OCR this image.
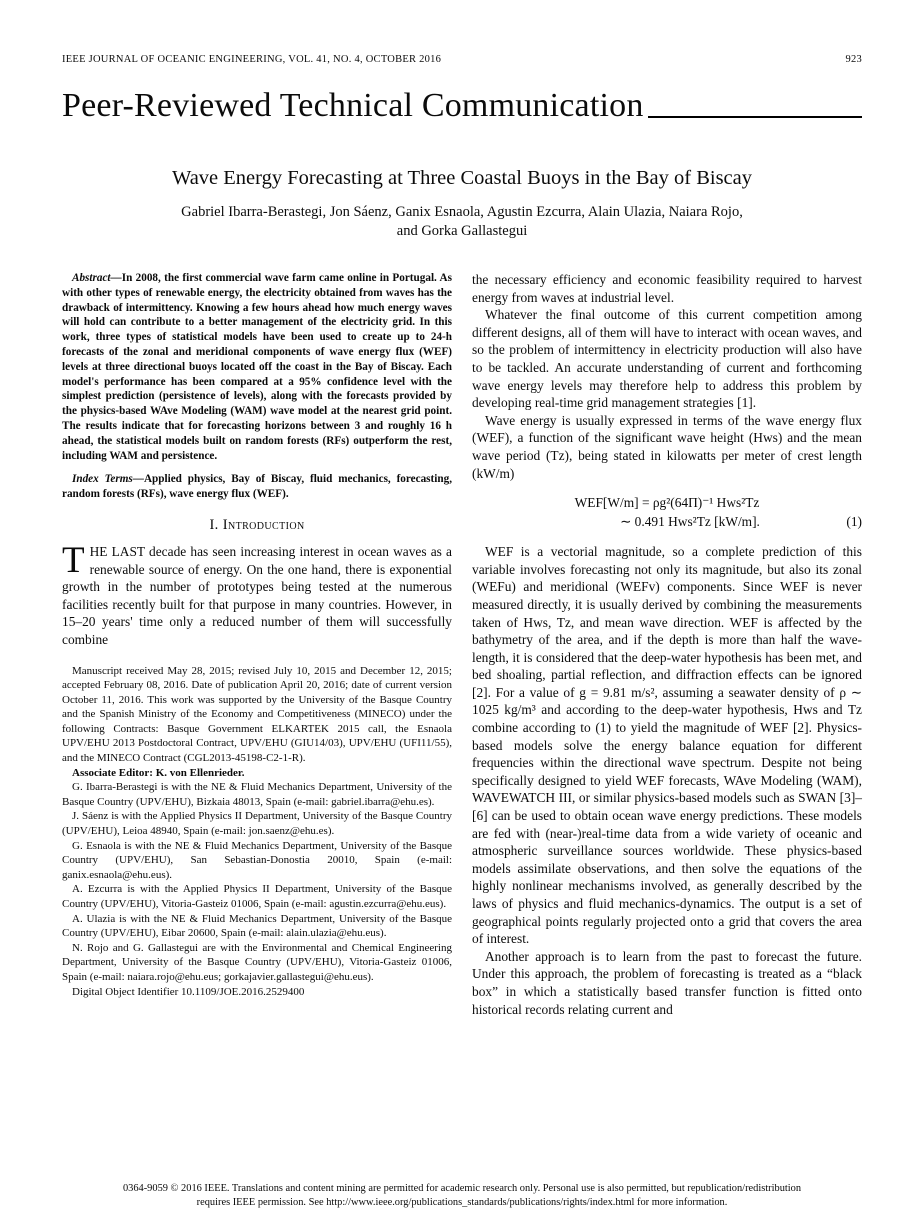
IEEE JOURNAL OF OCEANIC ENGINEERING, VOL. 41, NO. 4, OCTOBER 2016	923
Peer-Reviewed Technical Communication
Wave Energy Forecasting at Three Coastal Buoys in the Bay of Biscay
Gabriel Ibarra-Berastegi, Jon Sáenz, Ganix Esnaola, Agustin Ezcurra, Alain Ulazia, Naiara Rojo,
and Gorka Gallastegui

Abstract—In 2008, the first commercial wave farm came online in Portugal. As with other types of renewable energy, the electricity obtained from waves has the drawback of intermittency. Knowing a few hours ahead how much energy waves will hold can contribute to a better management of the electricity grid. In this work, three types of statistical models have been used to create up to 24-h forecasts of the zonal and meridional components of wave energy flux (WEF) levels at three directional buoys located off the coast in the Bay of Biscay. Each model's performance has been compared at a 95% confidence level with the simplest prediction (persistence of levels), along with the forecasts provided by the physics-based WAve Modeling (WAM) wave model at the nearest grid point. The results indicate that for forecasting horizons between 3 and roughly 16 h ahead, the statistical models built on random forests (RFs) outperform the rest, including WAM and persistence.

Index Terms—Applied physics, Bay of Biscay, fluid mechanics, forecasting, random forests (RFs), wave energy flux (WEF).

I. Introduction

THE LAST decade has seen increasing interest in ocean waves as a renewable source of energy. On the one hand, there is exponential growth in the number of prototypes being tested at the numerous facilities recently built for that purpose in many countries. However, in 15–20 years' time only a reduced number of them will successfully combine

Manuscript received May 28, 2015; revised July 10, 2015 and December 12, 2015; accepted February 08, 2016. Date of publication April 20, 2016; date of current version October 11, 2016. This work was supported by the University of the Basque Country and the Spanish Ministry of the Economy and Competitiveness (MINECO) under the following Contracts: Basque Government ELKARTEK 2015 call, the Esnaola UPV/EHU 2013 Postdoctoral Contract, UPV/EHU (GIU14/03), UPV/EHU (UFI11/55), and the MINECO Contract (CGL2013-45198-C2-1-R).

Associate Editor: K. von Ellenrieder.

G. Ibarra-Berastegi is with the NE & Fluid Mechanics Department, University of the Basque Country (UPV/EHU), Bizkaia 48013, Spain (e-mail: gabriel.ibarra@ehu.es).

J. Sáenz is with the Applied Physics II Department, University of the Basque Country (UPV/EHU), Leioa 48940, Spain (e-mail: jon.saenz@ehu.es).

G. Esnaola is with the NE & Fluid Mechanics Department, University of the Basque Country (UPV/EHU), San Sebastian-Donostia 20010, Spain (e-mail: ganix.esnaola@ehu.eus).

A. Ezcurra is with the Applied Physics II Department, University of the Basque Country (UPV/EHU), Vitoria-Gasteiz 01006, Spain (e-mail: agustin.ezcurra@ehu.eus).

A. Ulazia is with the NE & Fluid Mechanics Department, University of the Basque Country (UPV/EHU), Eibar 20600, Spain (e-mail: alain.ulazia@ehu.eus).

N. Rojo and G. Gallastegui are with the Environmental and Chemical Engineering Department, University of the Basque Country (UPV/EHU), Vitoria-Gasteiz 01006, Spain (e-mail: naiara.rojo@ehu.eus; gorkajavier.gallastegui@ehu.eus).

Digital Object Identifier 10.1109/JOE.2016.2529400

the necessary efficiency and economic feasibility required to harvest energy from waves at industrial level.

Whatever the final outcome of this current competition among different designs, all of them will have to interact with ocean waves, and so the problem of intermittency in electricity production will also have to be tackled. An accurate understanding of current and forthcoming wave energy levels may therefore help to address this problem by developing real-time grid management strategies [1].

Wave energy is usually expressed in terms of the wave energy flux (WEF), a function of the significant wave height (Hws) and the mean wave period (Tz), being stated in kilowatts per meter of crest length (kW/m)

WEF[W/m] = ρg²(64Π)⁻¹ Hws²Tz
∼ 0.491 Hws²Tz [kW/m].	(1)

WEF is a vectorial magnitude, so a complete prediction of this variable involves forecasting not only its magnitude, but also its zonal (WEFu) and meridional (WEFv) components. Since WEF is never measured directly, it is usually derived by combining the measurements taken of Hws, Tz, and mean wave direction. WEF is affected by the bathymetry of the area, and if the depth is more than half the wave-length, it is considered that the deep-water hypothesis has been met, and bed shoaling, partial reflection, and diffraction effects can be ignored [2]. For a value of g = 9.81 m/s², assuming a seawater density of ρ ∼ 1025 kg/m³ and according to the deep-water hypothesis, Hws and Tz combine according to (1) to yield the magnitude of WEF [2]. Physics-based models solve the energy balance equation for different frequencies within the directional wave spectrum. Despite not being specifically designed to yield WEF forecasts, WAve Modeling (WAM), WAVEWATCH III, or similar physics-based models such as SWAN [3]–[6] can be used to obtain ocean wave energy predictions. These models are fed with (near-)real-time data from a wide variety of oceanic and atmospheric surveillance sources worldwide. These physics-based models assimilate observations, and then solve the equations of the highly nonlinear mechanisms involved, as generally described by the laws of physics and fluid mechanics-dynamics. The output is a set of geographical points regularly projected onto a grid that covers the area of interest.

Another approach is to learn from the past to forecast the future. Under this approach, the problem of forecasting is treated as a “black box” in which a statistically based transfer function is fitted onto historical records relating current and

0364-9059 © 2016 IEEE. Translations and content mining are permitted for academic research only. Personal use is also permitted, but republication/redistribution
requires IEEE permission. See http://www.ieee.org/publications_standards/publications/rights/index.html for more information.
